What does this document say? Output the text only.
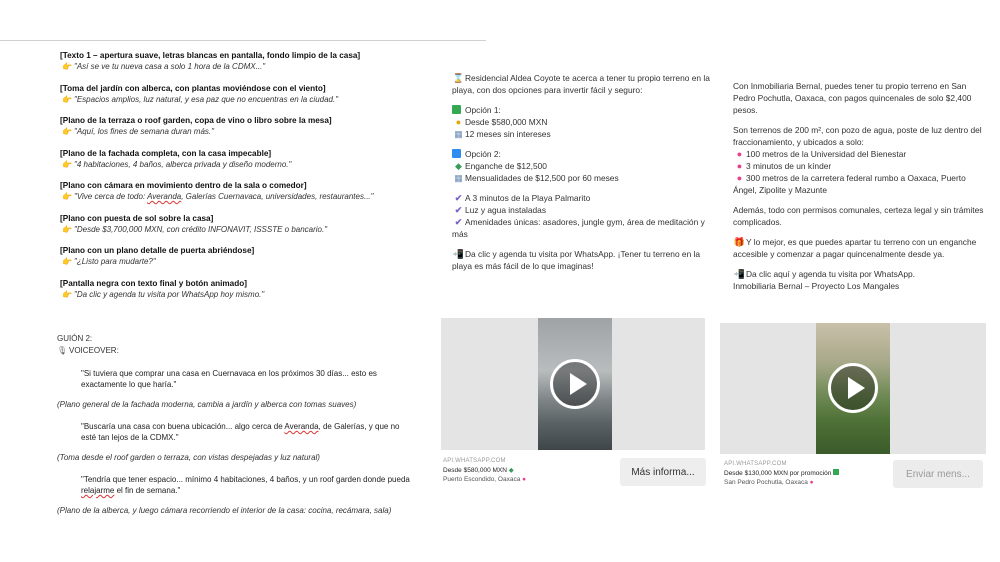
[Texto 1 – apertura suave, letras blancas en pantalla, fondo limpio de la casa]
👉 "Así se ve tu nueva casa a solo 1 hora de la CDMX..."
[Toma del jardín con alberca, con plantas moviéndose con el viento]
👉 "Espacios amplios, luz natural, y esa paz que no encuentras en la ciudad."
[Plano de la terraza o roof garden, copa de vino o libro sobre la mesa]
👉 "Aquí, los fines de semana duran más."
[Plano de la fachada completa, con la casa impecable]
👉 "4 habitaciones, 4 baños, alberca privada y diseño moderno."
[Plano con cámara en movimiento dentro de la sala o comedor]
👉 "Vive cerca de todo: Averanda, Galerías Cuernavaca, universidades, restaurantes..."
[Plano con puesta de sol sobre la casa]
👉 "Desde $3,700,000 MXN, con crédito INFONAVIT, ISSSTE o bancario."
[Plano con un plano detalle de puerta abriéndose]
👉 "¿Listo para mudarte?"
[Pantalla negra con texto final y botón animado]
👉 "Da clic y agenda tu visita por WhatsApp hoy mismo."
GUIÓN 2:
🎙 VOICEOVER:
"Si tuviera que comprar una casa en Cuernavaca en los próximos 30 días... esto es exactamente lo que haría."
(Plano general de la fachada moderna, cambia a jardín y alberca con tomas suaves)
"Buscaría una casa con buena ubicación... algo cerca de Averanda, de Galerías, y que no esté tan lejos de la CDMX."
(Toma desde el roof garden o terraza, con vistas despejadas y luz natural)
"Tendría que tener espacio... mínimo 4 habitaciones, 4 baños, y un roof garden donde pueda relajarme el fin de semana."
(Plano de la alberca, y luego cámara recorriendo el interior de la casa: cocina, recámara, sala)

⌛Residencial Aldea Coyote te acerca a tener tu propio terreno en la playa, con dos opciones para invertir fácil y seguro:

Opción 1:

● Desde $580,000 MXN

▦ 12 meses sin intereses

Opción 2:

◆ Enganche de $12,500

▦ Mensualidades de $12,500 por 60 meses

✔ A 3 minutos de la Playa Palmarito

✔ Luz y agua instaladas

✔ Amenidades únicas: asadores, jungle gym, área de meditación y más

📲Da clic y agenda tu visita por WhatsApp. ¡Tener tu terreno en la playa es más fácil de lo que imaginas!

API.WHATSAPP.COM
Desde $580,000 MXN ◆
Puerto Escondido, Oaxaca ●
Más informa...

Con Inmobiliaria Bernal, puedes tener tu propio terreno en San Pedro Pochutla, Oaxaca, con pagos quincenales de solo $2,400 pesos.

Son terrenos de 200 m², con pozo de agua, poste de luz dentro del fraccionamiento, y ubicados a solo:

● 100 metros de la Universidad del Bienestar

● 3 minutos de un kínder

● 300 metros de la carretera federal rumbo a Oaxaca, Puerto Ángel, Zipolite y Mazunte

Además, todo con permisos comunales, certeza legal y sin trámites complicados.

🎁Y lo mejor, es que puedes apartar tu terreno con un enganche accesible y comenzar a pagar quincenalmente desde ya.

📲Da clic aquí y agenda tu visita por WhatsApp.

Inmobiliaria Bernal – Proyecto Los Mangales

API.WHATSAPP.COM
Desde $130,000 MXN por promoción
San Pedro Pochutla, Oaxaca ●
Enviar mens...
